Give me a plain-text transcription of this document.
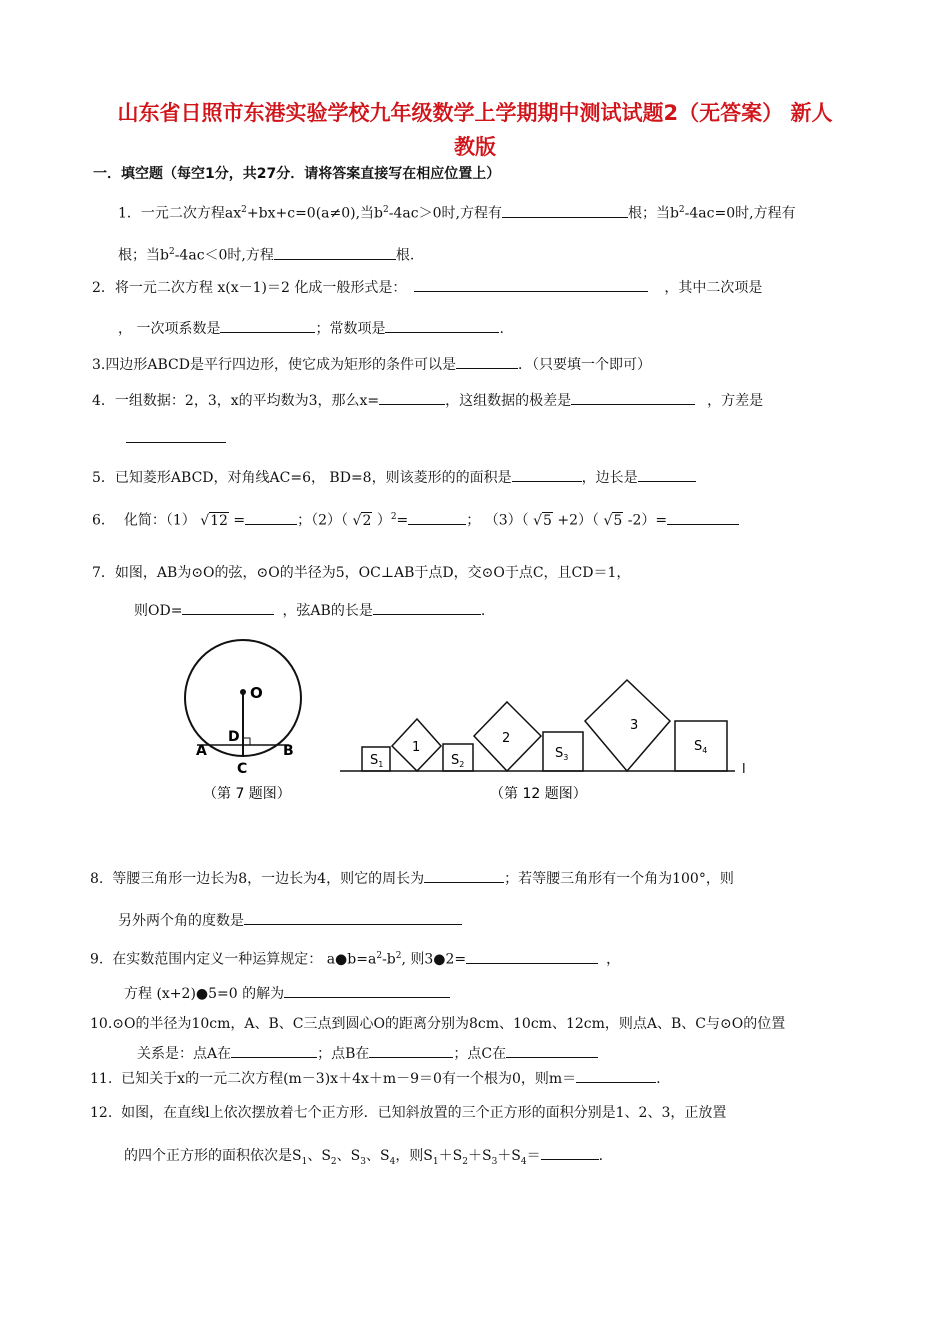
山东省日照市东港实验学校九年级数学上学期期中测试试题2（无答案） 新人
教版
一．填空题（每空1分，共27分．请将答案直接写在相应位置上）
1．一元二次方程$ax^2+bx+c=0(a\ne 0)$,当$b^2-4ac>0$时,方程有	根；当$b^2-4ac=0$时,方程有
根；当$b^2-4ac<0$时,方程	根.
2．将一元二次方程 x(x－1)＝2 化成一般形式是：	，其中二次项是
， 一次项系数是	；常数项是	.
3.四边形ABCD是平行四边形，使它成为矩形的条件可以是	．（只要填一个即可）
4．一组数据：2，3，x的平均数为3，那么x=	，这组数据的极差是	，方差是
5．已知菱形ABCD，对角线AC=6， BD=8，则该菱形的的面积是	，边长是
6． 化简：（1） √12 =	；（2）（ √2 ）$^2$=	； （3）（ √5 +2）（ √5 -2）=
7．如图，AB为⊙O的弦，⊙O的半径为5，OC⊥AB于点D，交⊙O于点C，且CD＝1，
则OD=	，弦AB的长是	.
O
D
A	B
C
（第 7 题图）
$S_1$	$S_2$
$S_3$
$S_4$
1
2
3
l
（第 12 题图）
8. 等腰三角形一边长为8，一边长为4，则它的周长为	；若等腰三角形有一个角为100°，则
另外两个角的度数是
9. 在实数范围内定义一种运算规定： $a●b=a^2-b^2$, 则3●2=	，
方程 (x+2)●5=0 的解为
10.⊙O的半径为10cm，A、B、C三点到圆心O的距离分别为8cm、10cm、12cm，则点A、B、C与⊙O的位置
关系是：点A在	；点B在	；点C在
11. 已知关于x的一元二次方程(m－3)x＋4x＋m－9＝0有一个根为0，则m＝	.
12. 如图，在直线l上依次摆放着七个正方形．已知斜放置的三个正方形的面积分别是1、2、3，正放置
的四个正方形的面积依次是$S_1$、$S_2$、$S_3$、$S_4$，则$S_1+S_2+S_3+S_4=$	.
